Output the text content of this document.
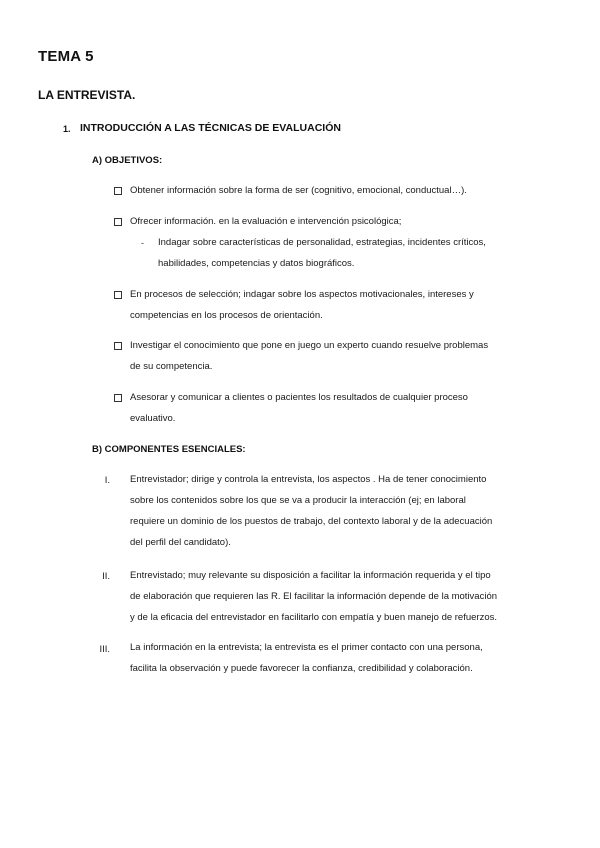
TEMA 5
LA ENTREVISTA.
1. INTRODUCCIÓN A LAS TÉCNICAS DE EVALUACIÓN
A) OBJETIVOS:
Obtener información sobre la forma de ser (cognitivo, emocional, conductual…).
Ofrecer información. en la evaluación e intervención psicológica;
- Indagar sobre características de personalidad, estrategias, incidentes críticos,
habilidades, competencias y datos biográficos.
En procesos de selección; indagar sobre los aspectos motivacionales, intereses y
competencias en los procesos de orientación.
Investigar el conocimiento que pone en juego un experto cuando resuelve problemas
de su competencia.
Asesorar y comunicar a clientes o pacientes los resultados de cualquier proceso
evaluativo.
B) COMPONENTES ESENCIALES:
I. Entrevistador; dirige y controla la entrevista, los aspectos . Ha de tener conocimiento
sobre los contenidos sobre los que se va a producir la interacción (ej; en laboral
requiere un dominio de los puestos de trabajo, del contexto laboral y de la adecuación
del perfil del candidato).
II. Entrevistado; muy relevante su disposición a facilitar la información requerida y el tipo
de elaboración que requieren las R. El facilitar la información depende de la motivación
y de la eficacia del entrevistador en facilitarlo con empatía y buen manejo de refuerzos.
III. La información en la entrevista; la entrevista es el primer contacto con una persona,
facilita la observación y puede favorecer la confianza, credibilidad y colaboración.
